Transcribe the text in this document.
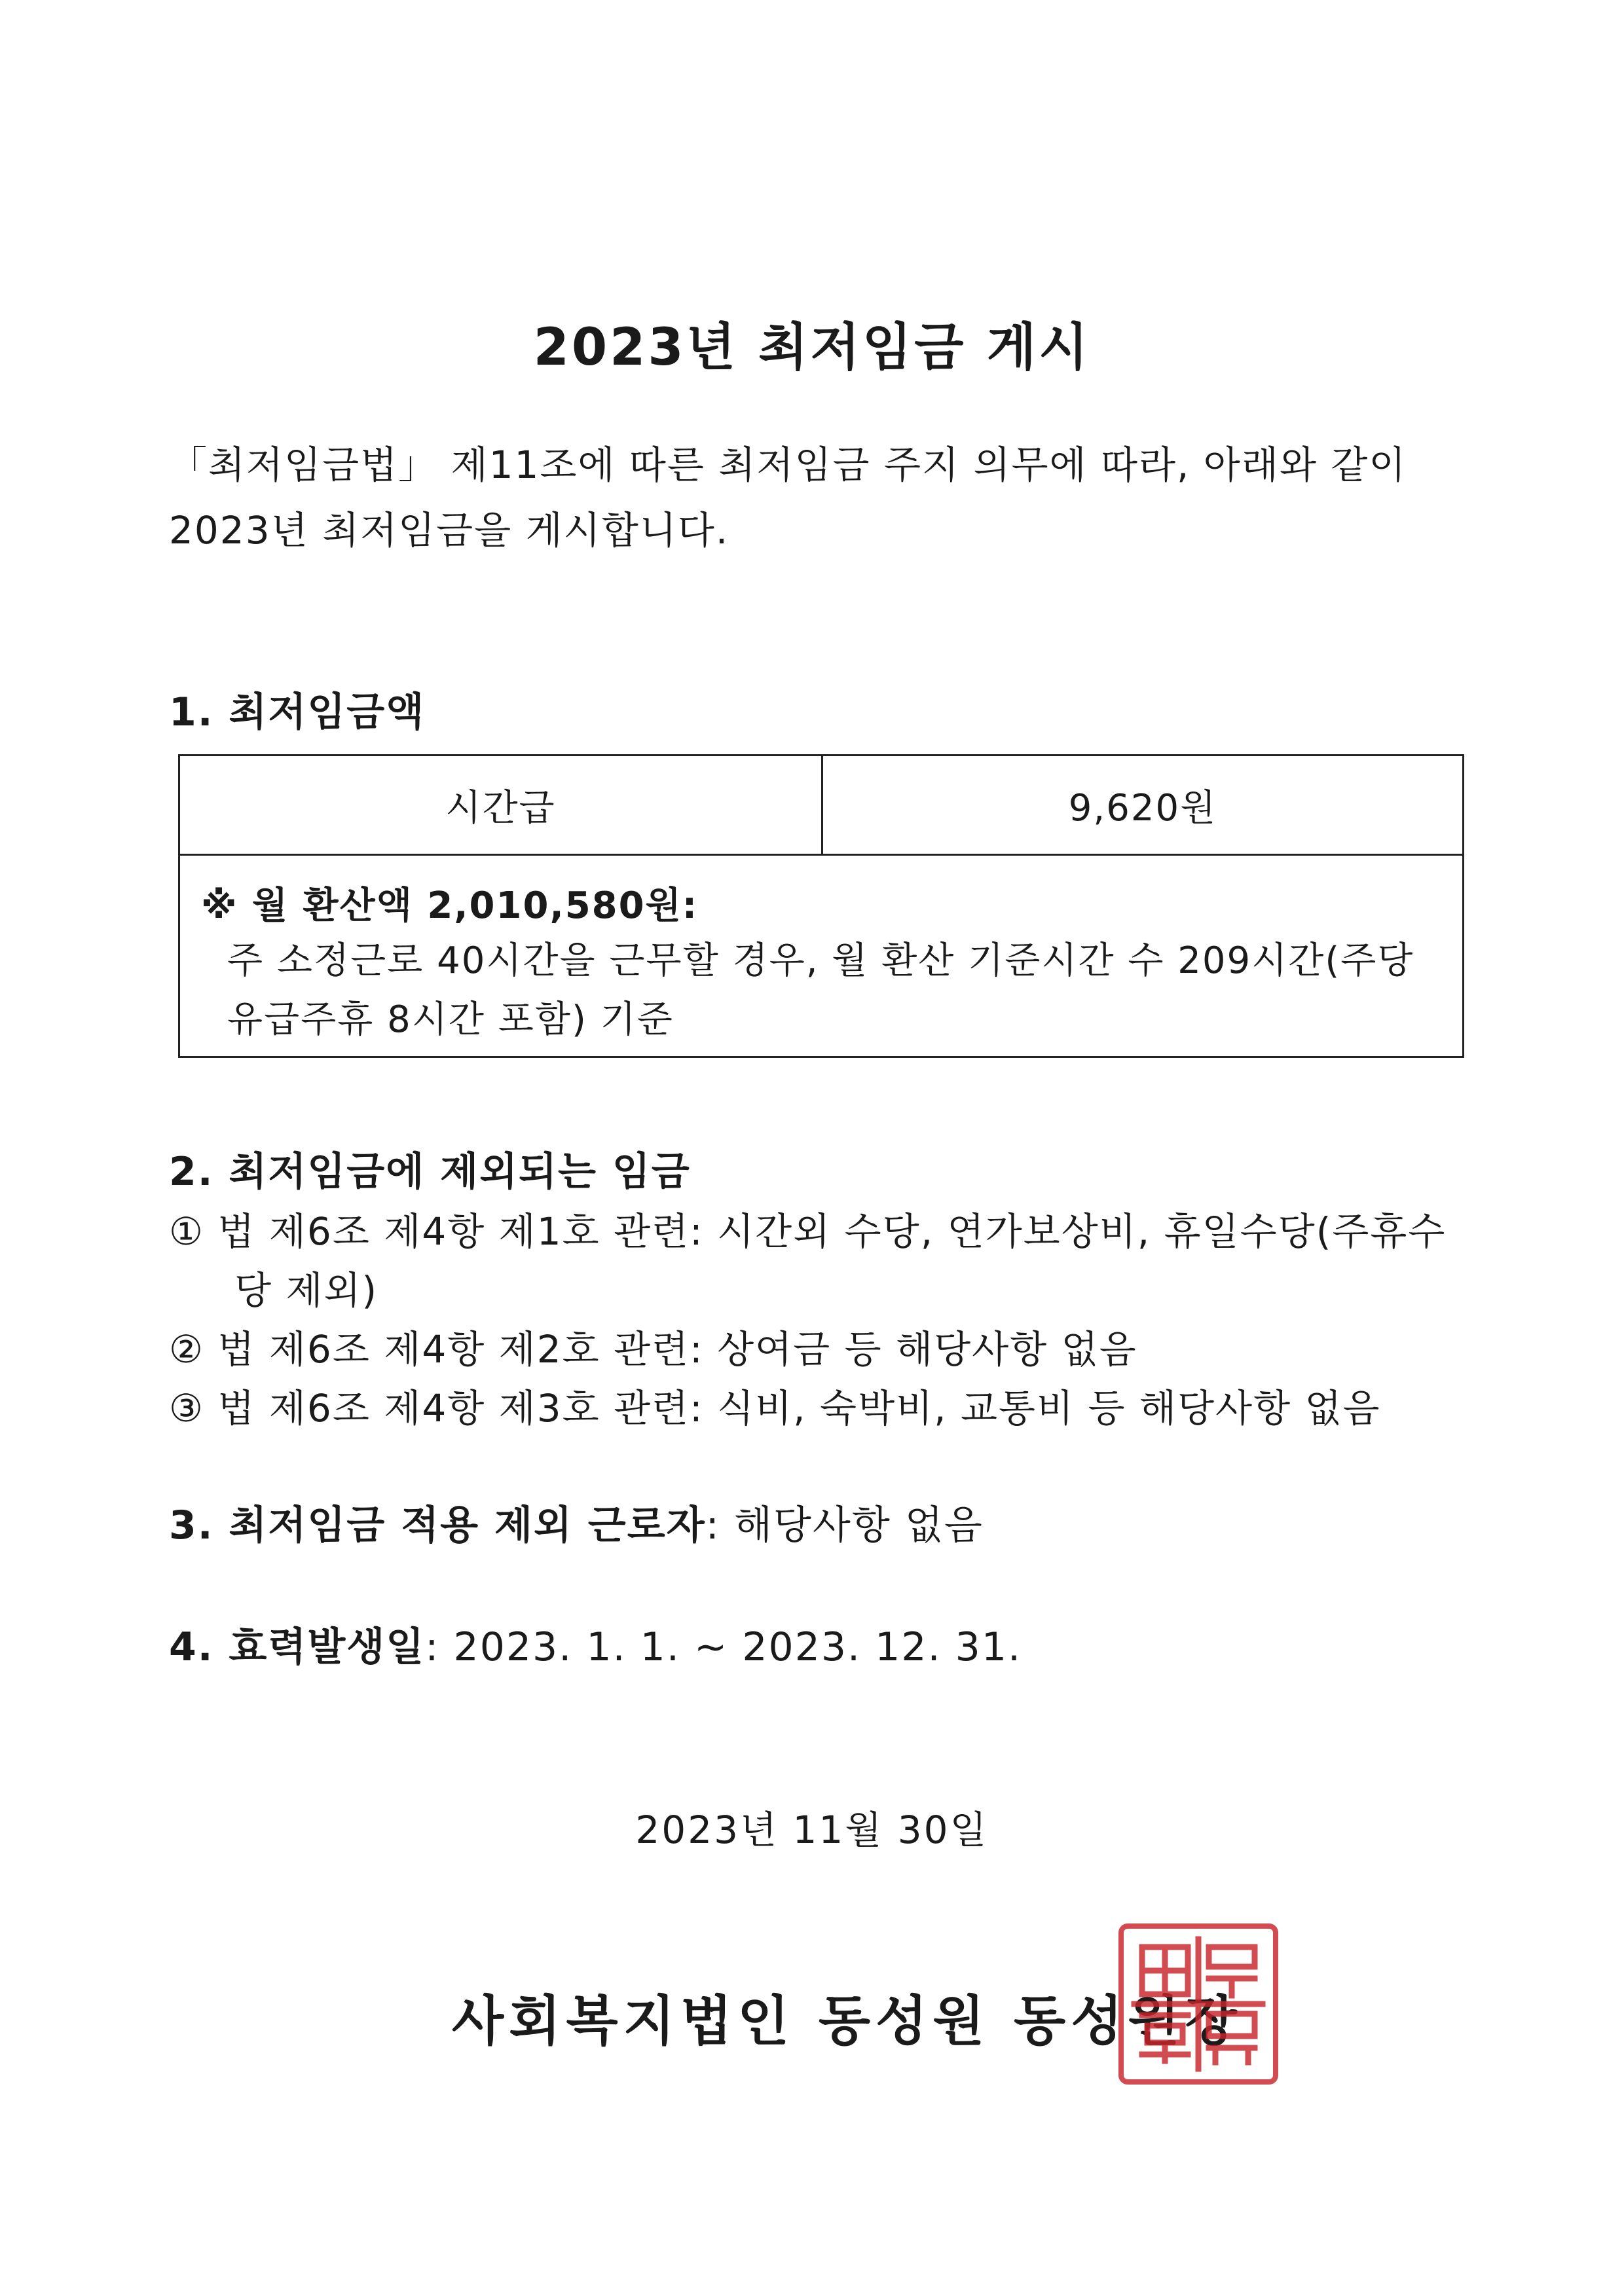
2023년 최저임금 게시
「최저임금법」 제11조에 따른 최저임금 주지 의무에 따라, 아래와 같이
2023년 최저임금을 게시합니다.
1. 최저임금액
시간급	9,620원
※ 월 환산액 2,010,580원:
주 소정근로 40시간을 근무할 경우, 월 환산 기준시간 수 209시간(주당
유급주휴 8시간 포함) 기준
2. 최저임금에 제외되는 임금
① 법 제6조 제4항 제1호 관련: 시간외 수당, 연가보상비, 휴일수당(주휴수
당 제외)
② 법 제6조 제4항 제2호 관련: 상여금 등 해당사항 없음
③ 법 제6조 제4항 제3호 관련: 식비, 숙박비, 교통비 등 해당사항 없음
3. 최저임금 적용 제외 근로자: 해당사항 없음
4. 효력발생일: 2023. 1. 1. ~ 2023. 12. 31.
2023년 11월 30일
사회복지법인 동성원 동성원장
